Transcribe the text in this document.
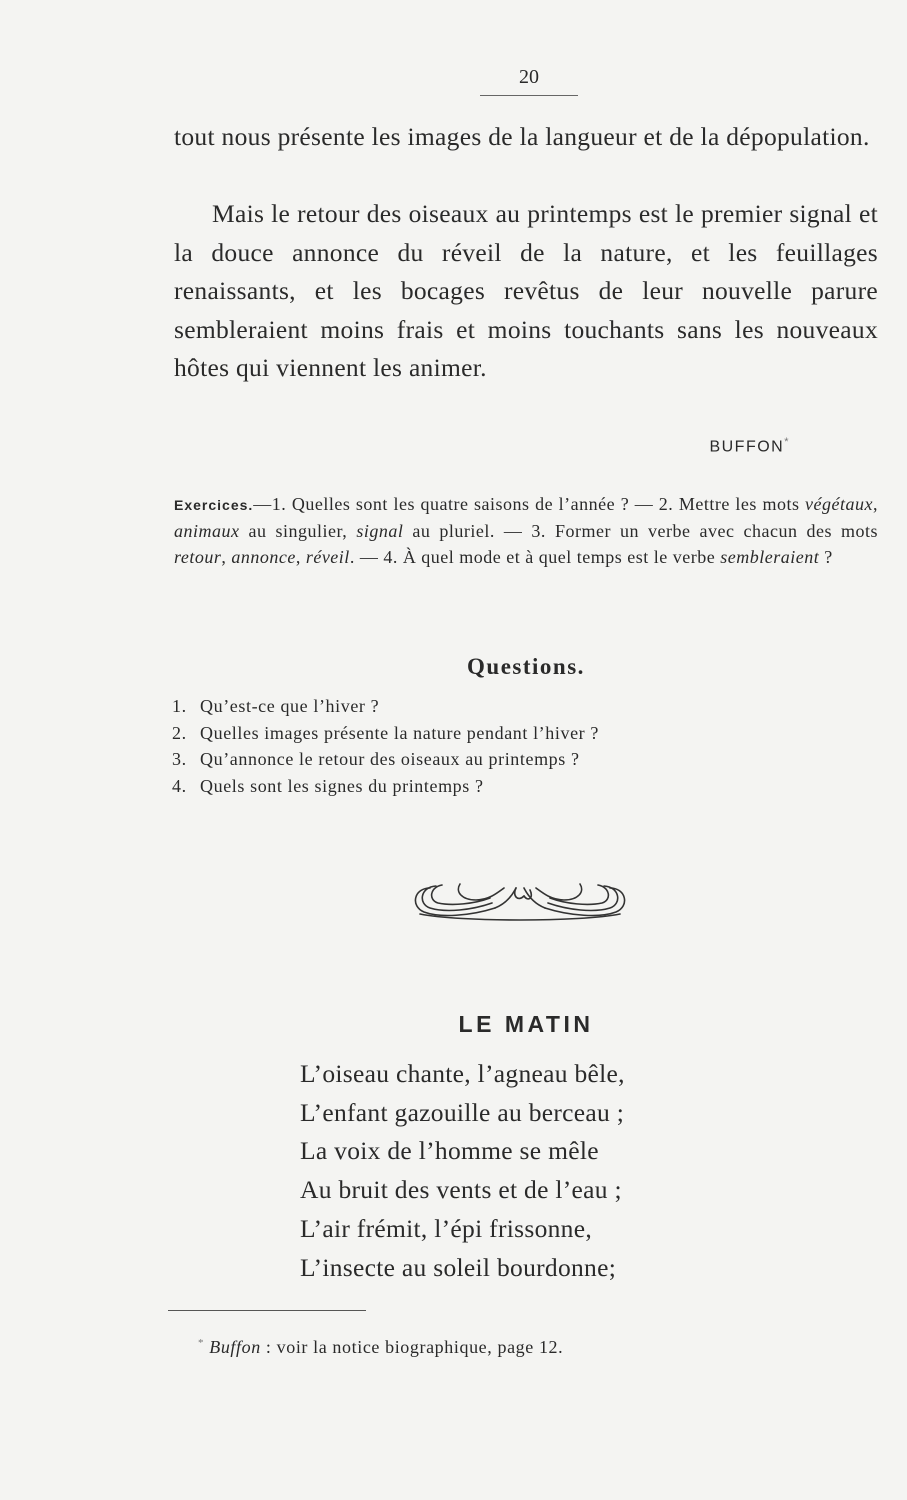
20

tout nous présente les images de la langueur et de la dépopulation.

Mais le retour des oiseaux au printemps est le premier signal et la douce annonce du réveil de la nature, et les feuillages renaissants, et les bocages revêtus de leur nouvelle parure sembleraient moins frais et moins touchants sans les nouveaux hôtes qui viennent les animer.

BUFFON*

Exercices.—1. Quelles sont les quatre saisons de l’année ? — 2. Mettre les mots végétaux, animaux au singulier, signal au pluriel. — 3. Former un verbe avec chacun des mots retour, annonce, réveil. — 4. À quel mode et à quel temps est le verbe sembleraient ?

Questions.
1. Qu’est-ce que l’hiver ?
2. Quelles images présente la nature pendant l’hiver ?
3. Qu’annonce le retour des oiseaux au printemps ?
4. Quels sont les signes du printemps ?
LE MATIN
L’oiseau chante, l’agneau bêle,
L’enfant gazouille au berceau ;
La voix de l’homme se mêle
Au bruit des vents et de l’eau ;
L’air frémit, l’épi frissonne,
L’insecte au soleil bourdonne;
* Buffon : voir la notice biographique, page 12.
